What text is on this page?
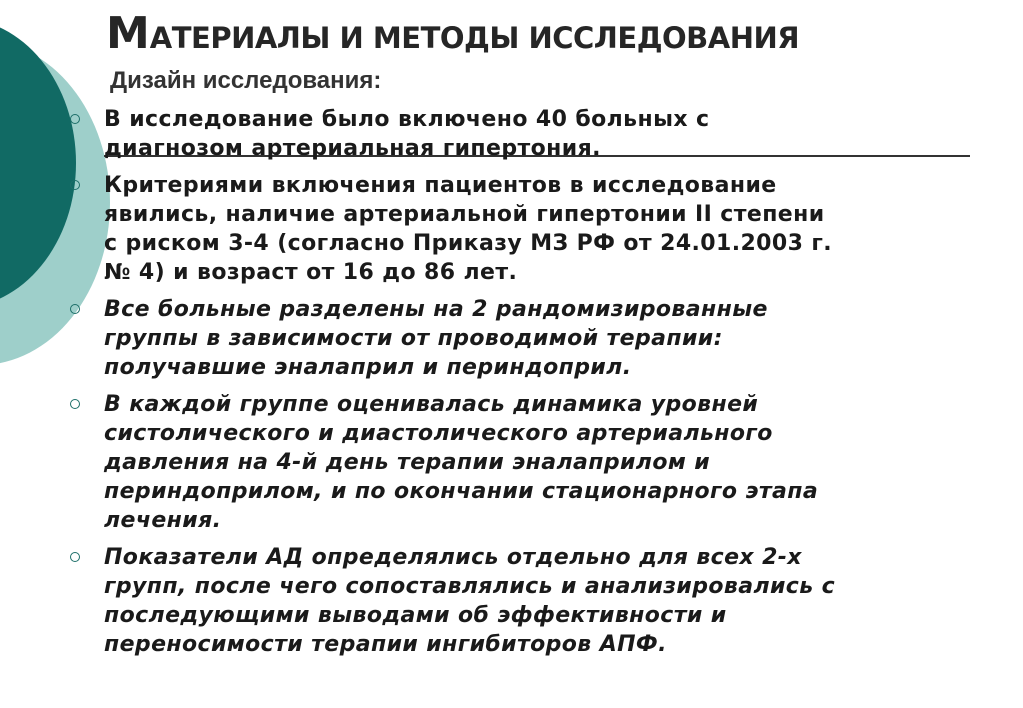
МАТЕРИАЛЫ И МЕТОДЫ ИССЛЕДОВАНИЯ
Дизайн исследования:
В исследование было включено 40 больных с
диагнозом артериальная гипертония.
Критериями включения пациентов в исследование
явились, наличие артериальной гипертонии II степени
с риском 3-4 (согласно Приказу МЗ РФ от 24.01.2003 г.
№ 4) и возраст от 16 до 86 лет.
Все больные разделены на 2 рандомизированные
группы в зависимости от проводимой терапии:
получавшие эналаприл и периндоприл.
В каждой группе оценивалась динамика уровней
систолического и диастолического артериального
давления на 4-й день терапии эналаприлом и
периндоприлом, и по окончании стационарного этапа
лечения.
Показатели АД определялись отдельно для всех 2-х
групп, после чего сопоставлялись и анализировались с
последующими выводами об эффективности и
переносимости терапии ингибиторов АПФ.
